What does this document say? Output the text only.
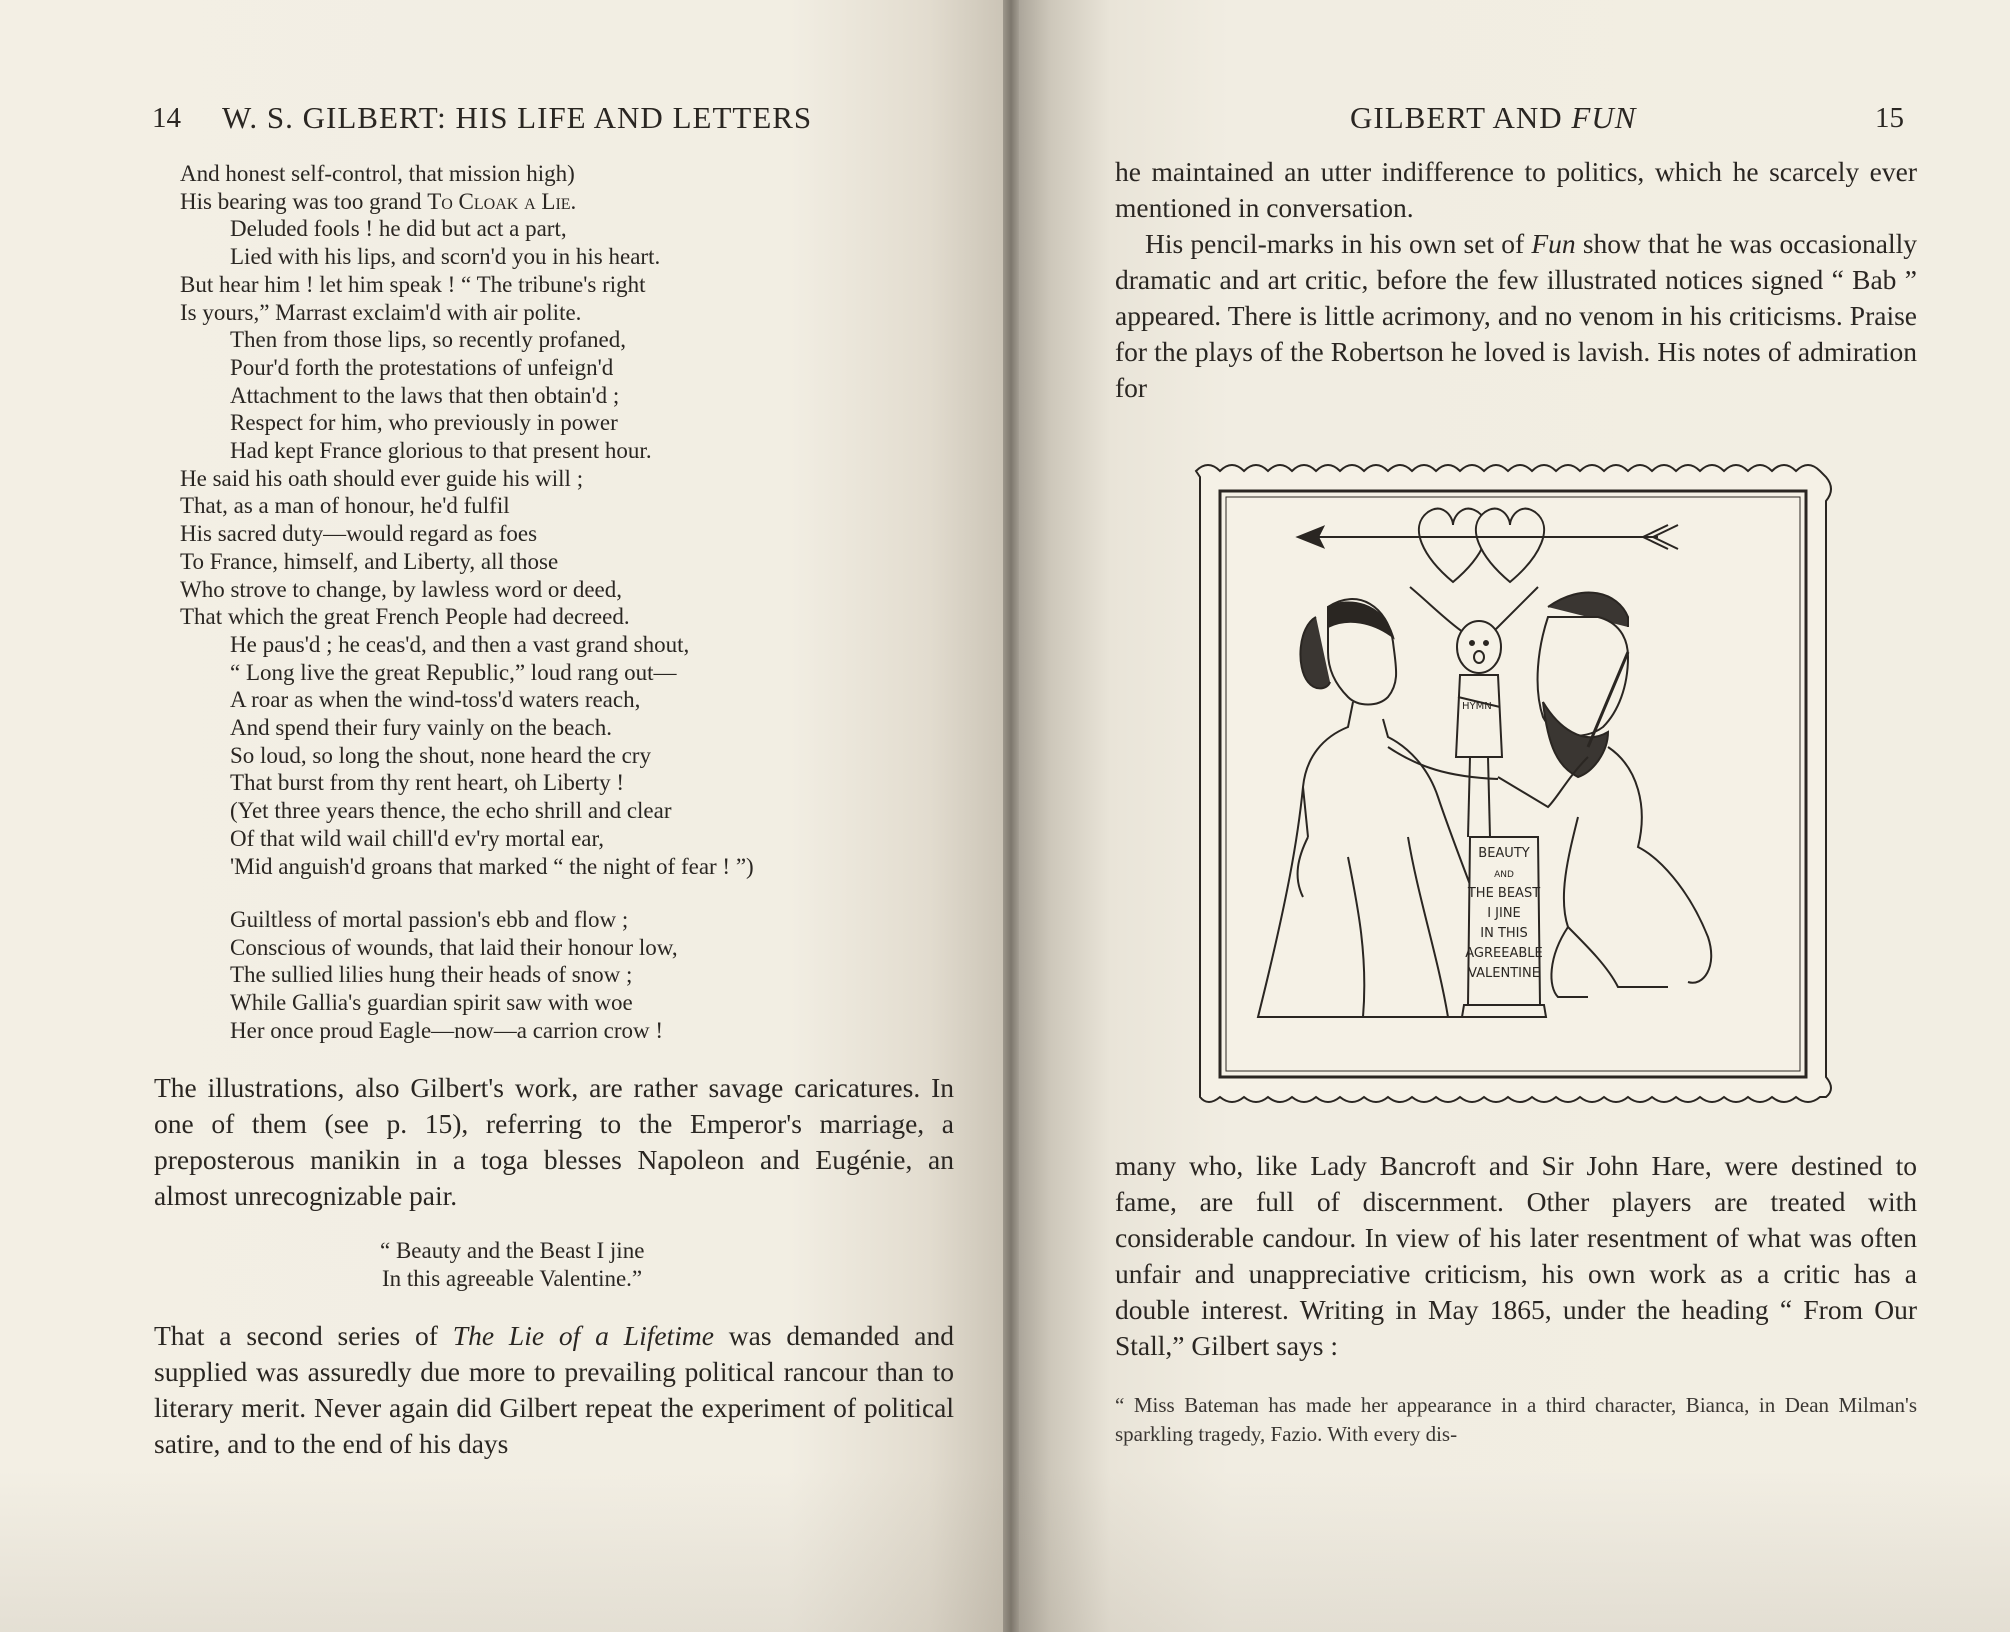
14 W. S. GILBERT: HIS LIFE AND LETTERS
And honest self-control, that mission high)
His bearing was too grand To Cloak a Lie.
Deluded fools ! he did but act a part,
Lied with his lips, and scorn'd you in his heart.
But hear him ! let him speak ! “ The tribune's right
Is yours,” Marrast exclaim'd with air polite.
Then from those lips, so recently profaned,
Pour'd forth the protestations of unfeign'd
Attachment to the laws that then obtain'd ;
Respect for him, who previously in power
Had kept France glorious to that present hour.
He said his oath should ever guide his will ;
That, as a man of honour, he'd fulfil
His sacred duty—would regard as foes
To France, himself, and Liberty, all those
Who strove to change, by lawless word or deed,
That which the great French People had decreed.
He paus'd ; he ceas'd, and then a vast grand shout,
“ Long live the great Republic,” loud rang out—
A roar as when the wind-toss'd waters reach,
And spend their fury vainly on the beach.
So loud, so long the shout, none heard the cry
That burst from thy rent heart, oh Liberty !
(Yet three years thence, the echo shrill and clear
Of that wild wail chill'd ev'ry mortal ear,
'Mid anguish'd groans that marked “ the night of fear ! ”)
Guiltless of mortal passion's ebb and flow ;
Conscious of wounds, that laid their honour low,
The sullied lilies hung their heads of snow ;
While Gallia's guardian spirit saw with woe
Her once proud Eagle—now—a carrion crow !
The illustrations, also Gilbert's work, are rather savage caricatures. In one of them (see p. 15), referring to the Emperor's marriage, a preposterous manikin in a toga blesses Napoleon and Eugénie, an almost unrecognizable pair.
“ Beauty and the Beast I jine
In this agreeable Valentine.”
That a second series of The Lie of a Lifetime was demanded and supplied was assuredly due more to prevailing political rancour than to literary merit. Never again did Gilbert repeat the experiment of political satire, and to the end of his days
GILBERT AND FUN	15
he maintained an utter indifference to politics, which he scarcely ever mentioned in conversation.
His pencil-marks in his own set of Fun show that he was occasionally dramatic and art critic, before the few illustrated notices signed “ Bab ” appeared. There is little acrimony, and no venom in his criticisms. Praise for the plays of the Robertson he loved is lavish. His notes of admiration for
many who, like Lady Bancroft and Sir John Hare, were destined to fame, are full of discernment. Other players are treated with considerable candour. In view of his later resentment of what was often unfair and unappreciative criticism, his own work as a critic has a double interest. Writing in May 1865, under the heading “ From Our Stall,” Gilbert says :
“ Miss Bateman has made her appearance in a third character, Bianca, in Dean Milman's sparkling tragedy, Fazio. With every dis-
HYMN
BEAUTY
AND
THE BEAST
I JINE
IN THIS
AGREEABLE
VALENTINE
